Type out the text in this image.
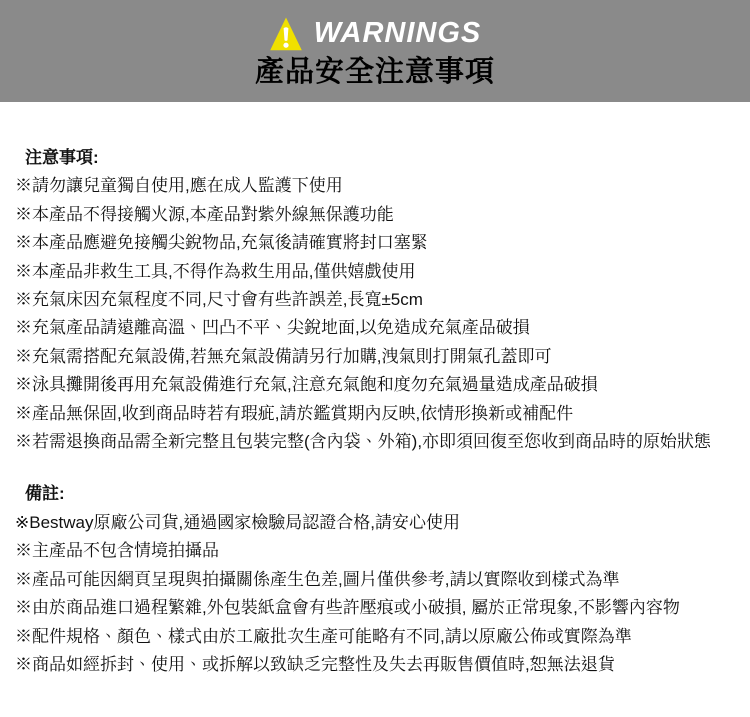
WARNINGS
產品安全注意事項
注意事項:
※請勿讓兒童獨自使用,應在成人監護下使用
※本產品不得接觸火源,本產品對紫外線無保護功能
※本產品應避免接觸尖銳物品,充氣後請確實將封口塞緊
※本產品非救生工具,不得作為救生用品,僅供嬉戲使用
※充氣床因充氣程度不同,尺寸會有些許誤差,長寬±5cm
※充氣產品請遠離高溫、凹凸不平、尖銳地面,以免造成充氣產品破損
※充氣需搭配充氣設備,若無充氣設備請另行加購,洩氣則打開氣孔蓋即可
※泳具攤開後再用充氣設備進行充氣,注意充氣飽和度勿充氣過量造成產品破損
※產品無保固,收到商品時若有瑕疵,請於鑑賞期內反映,依情形換新或補配件
※若需退換商品需全新完整且包裝完整(含內袋、外箱),亦即須回復至您收到商品時的原始狀態
備註:
※Bestway原廠公司貨,通過國家檢驗局認證合格,請安心使用
※主產品不包含情境拍攝品
※產品可能因網頁呈現與拍攝關係產生色差,圖片僅供參考,請以實際收到樣式為準
※由於商品進口過程繁雜,外包裝紙盒會有些許壓痕或小破損, 屬於正常現象,不影響內容物
※配件規格、顏色、樣式由於工廠批次生產可能略有不同,請以原廠公佈或實際為準
※商品如經拆封、使用、或拆解以致缺乏完整性及失去再販售價值時,恕無法退貨
